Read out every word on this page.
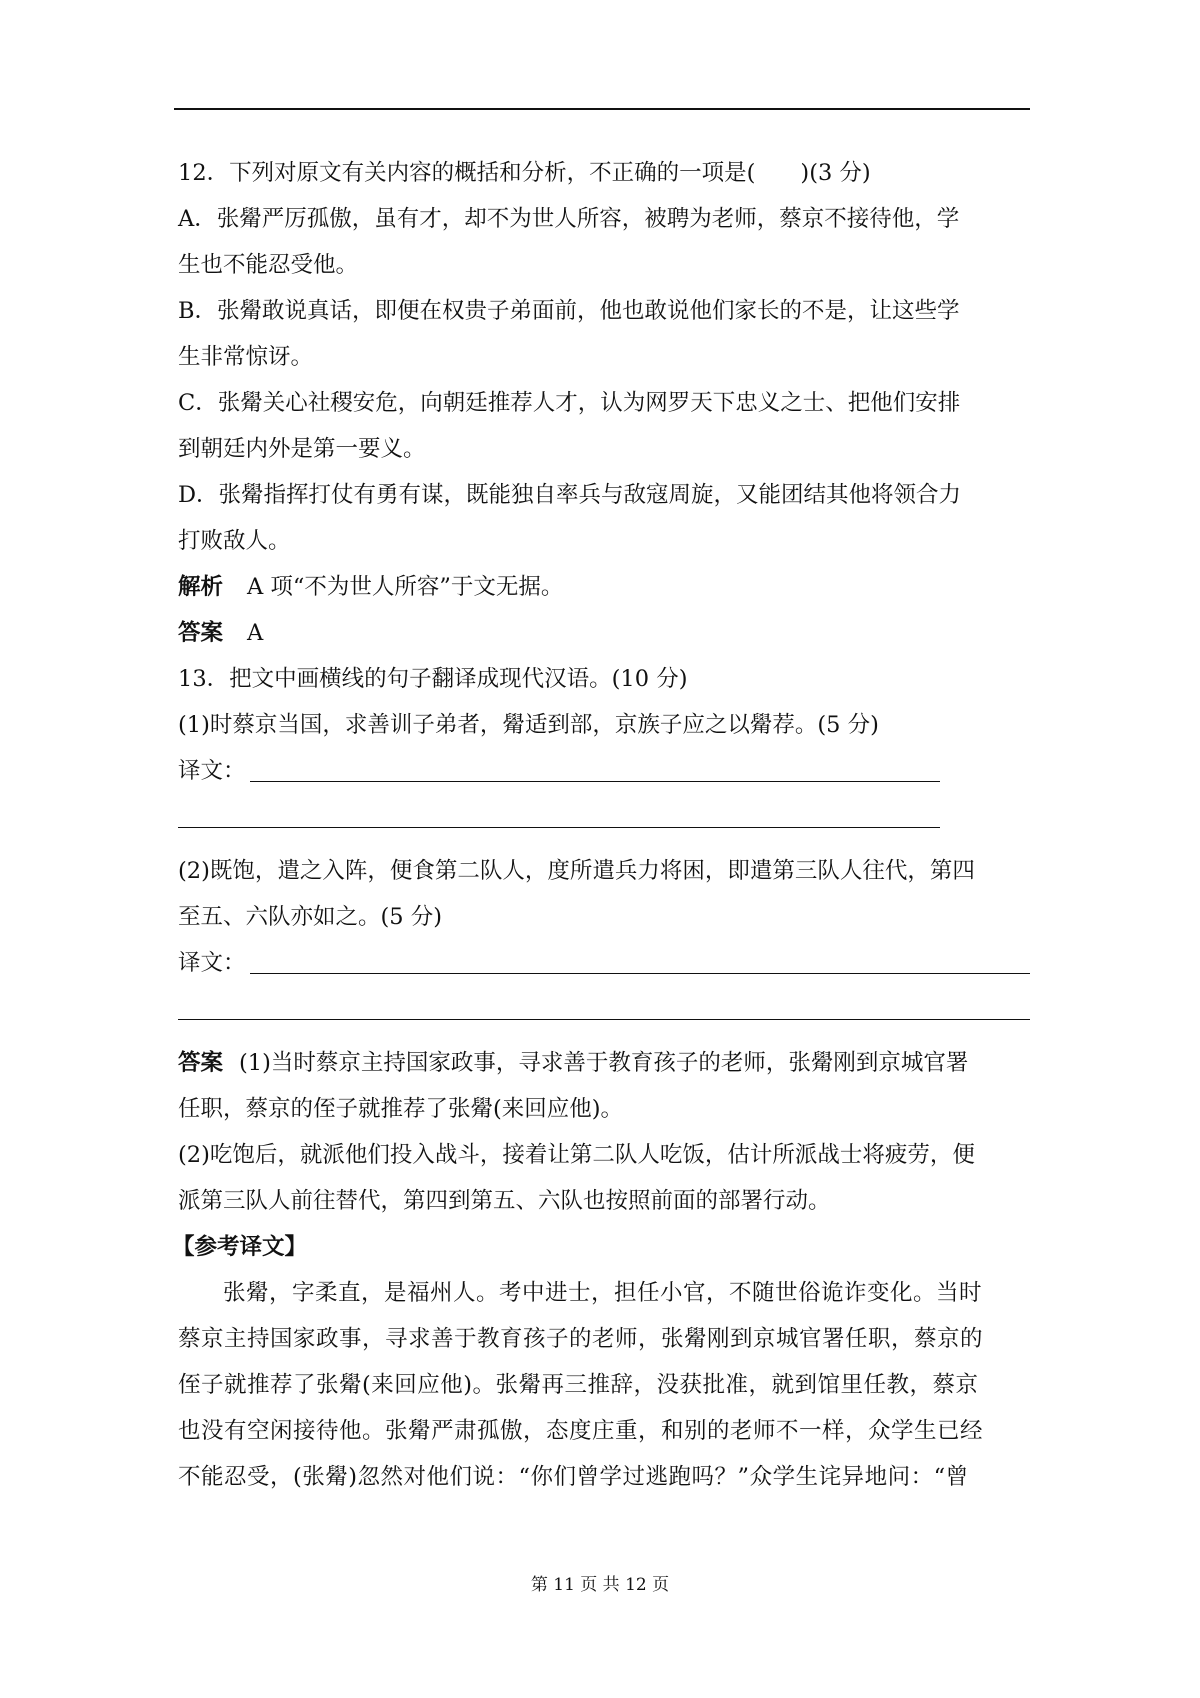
12．下列对原文有关内容的概括和分析，不正确的一项是(　　)(3 分)
A．张觷严厉孤傲，虽有才，却不为世人所容，被聘为老师，蔡京不接待他，学
生也不能忍受他。
B．张觷敢说真话，即便在权贵子弟面前，他也敢说他们家长的不是，让这些学
生非常惊讶。
C．张觷关心社稷安危，向朝廷推荐人才，认为网罗天下忠义之士、把他们安排
到朝廷内外是第一要义。
D．张觷指挥打仗有勇有谋，既能独自率兵与敌寇周旋，又能团结其他将领合力
打败敌人。
解析 A 项“不为世人所容”于文无据。
答案 A
13．把文中画横线的句子翻译成现代汉语。(10 分)
(1)时蔡京当国，求善训子弟者，觷适到部，京族子应之以觷荐。(5 分)
译文：
(2)既饱，遣之入阵，便食第二队人，度所遣兵力将困，即遣第三队人往代，第四
至五、六队亦如之。(5 分)
译文：
答案 (1)当时蔡京主持国家政事，寻求善于教育孩子的老师，张觷刚到京城官署
任职，蔡京的侄子就推荐了张觷(来回应他)。
(2)吃饱后，就派他们投入战斗，接着让第二队人吃饭，估计所派战士将疲劳，便
派第三队人前往替代，第四到第五、六队也按照前面的部署行动。
【参考译文】
张觷，字柔直，是福州人。考中进士，担任小官，不随世俗诡诈变化。当时
蔡京主持国家政事，寻求善于教育孩子的老师，张觷刚到京城官署任职，蔡京的
侄子就推荐了张觷(来回应他)。张觷再三推辞，没获批准，就到馆里任教，蔡京
也没有空闲接待他。张觷严肃孤傲，态度庄重，和别的老师不一样，众学生已经
不能忍受，(张觷)忽然对他们说：“你们曾学过逃跑吗？”众学生诧异地问：“曾
第 11 页 共 12 页
